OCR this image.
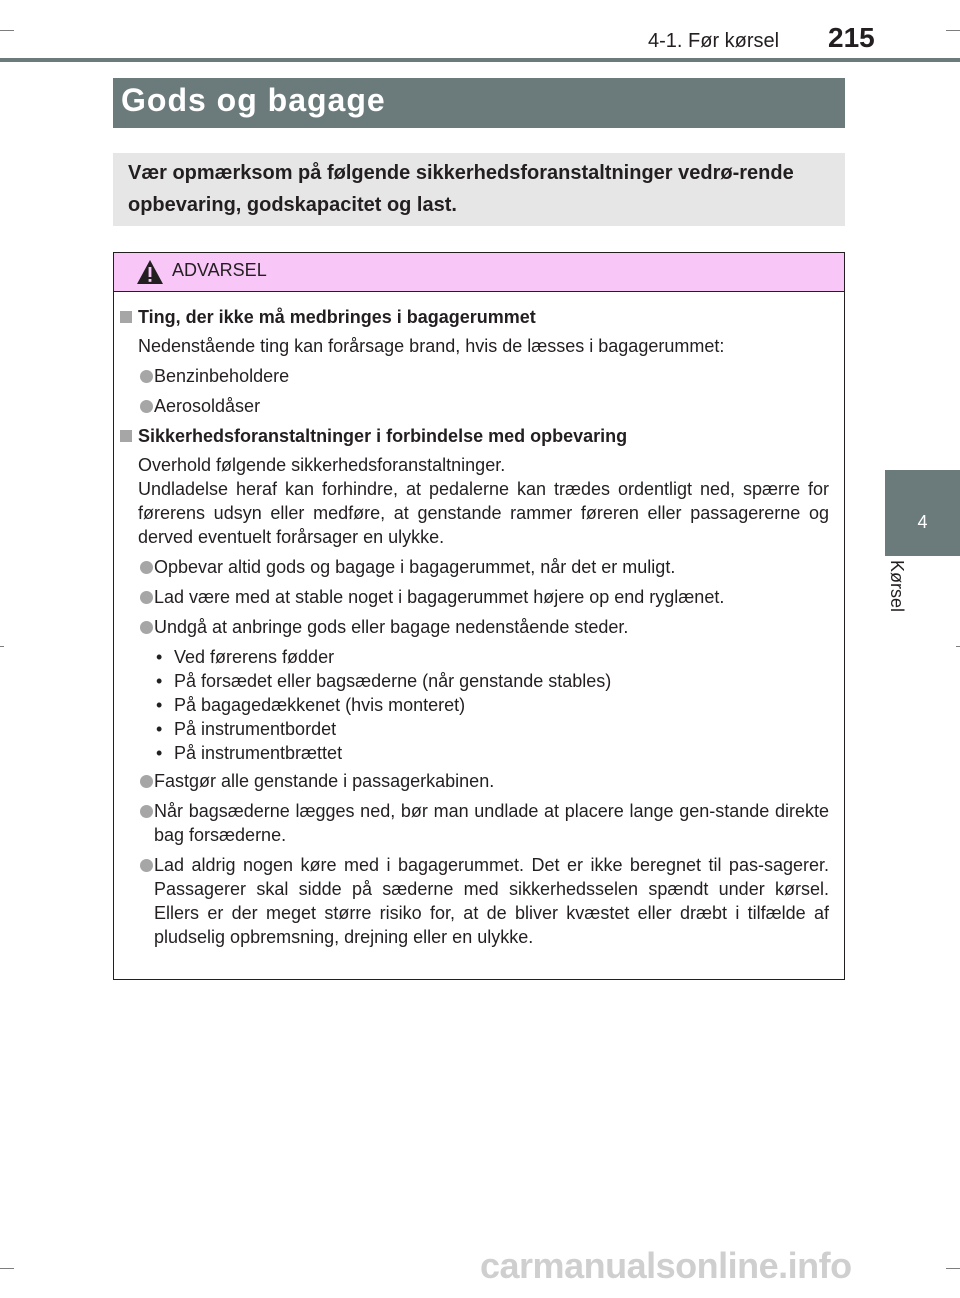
4-1. Før kørsel 215
4
Kørsel
Gods og bagage
Vær opmærksom på følgende sikkerhedsforanstaltninger vedrø-rende opbevaring, godskapacitet og last.
ADVARSEL
Ting, der ikke må medbringes i bagagerummet
Nedenstående ting kan forårsage brand, hvis de læsses i bagagerummet:
Benzinbeholdere
Aerosoldåser
Sikkerhedsforanstaltninger i forbindelse med opbevaring
Overhold følgende sikkerhedsforanstaltninger.
Undladelse heraf kan forhindre, at pedalerne kan trædes ordentligt ned, spærre for førerens udsyn eller medføre, at genstande rammer føreren eller passagererne og derved eventuelt forårsager en ulykke.
Opbevar altid gods og bagage i bagagerummet, når det er muligt.
Lad være med at stable noget i bagagerummet højere op end ryglænet.
Undgå at anbringe gods eller bagage nedenstående steder.
• Ved førerens fødder
• På forsædet eller bagsæderne (når genstande stables)
• På bagagedækkenet (hvis monteret)
• På instrumentbordet
• På instrumentbrættet
Fastgør alle genstande i passagerkabinen.
Når bagsæderne lægges ned, bør man undlade at placere lange gen-stande direkte bag forsæderne.
Lad aldrig nogen køre med i bagagerummet. Det er ikke beregnet til pas-sagerer. Passagerer skal sidde på sæderne med sikkerhedsselen spændt under kørsel. Ellers er der meget større risiko for, at de bliver kvæstet eller dræbt i tilfælde af pludselig opbremsning, drejning eller en ulykke.
carmanualsonline.info
